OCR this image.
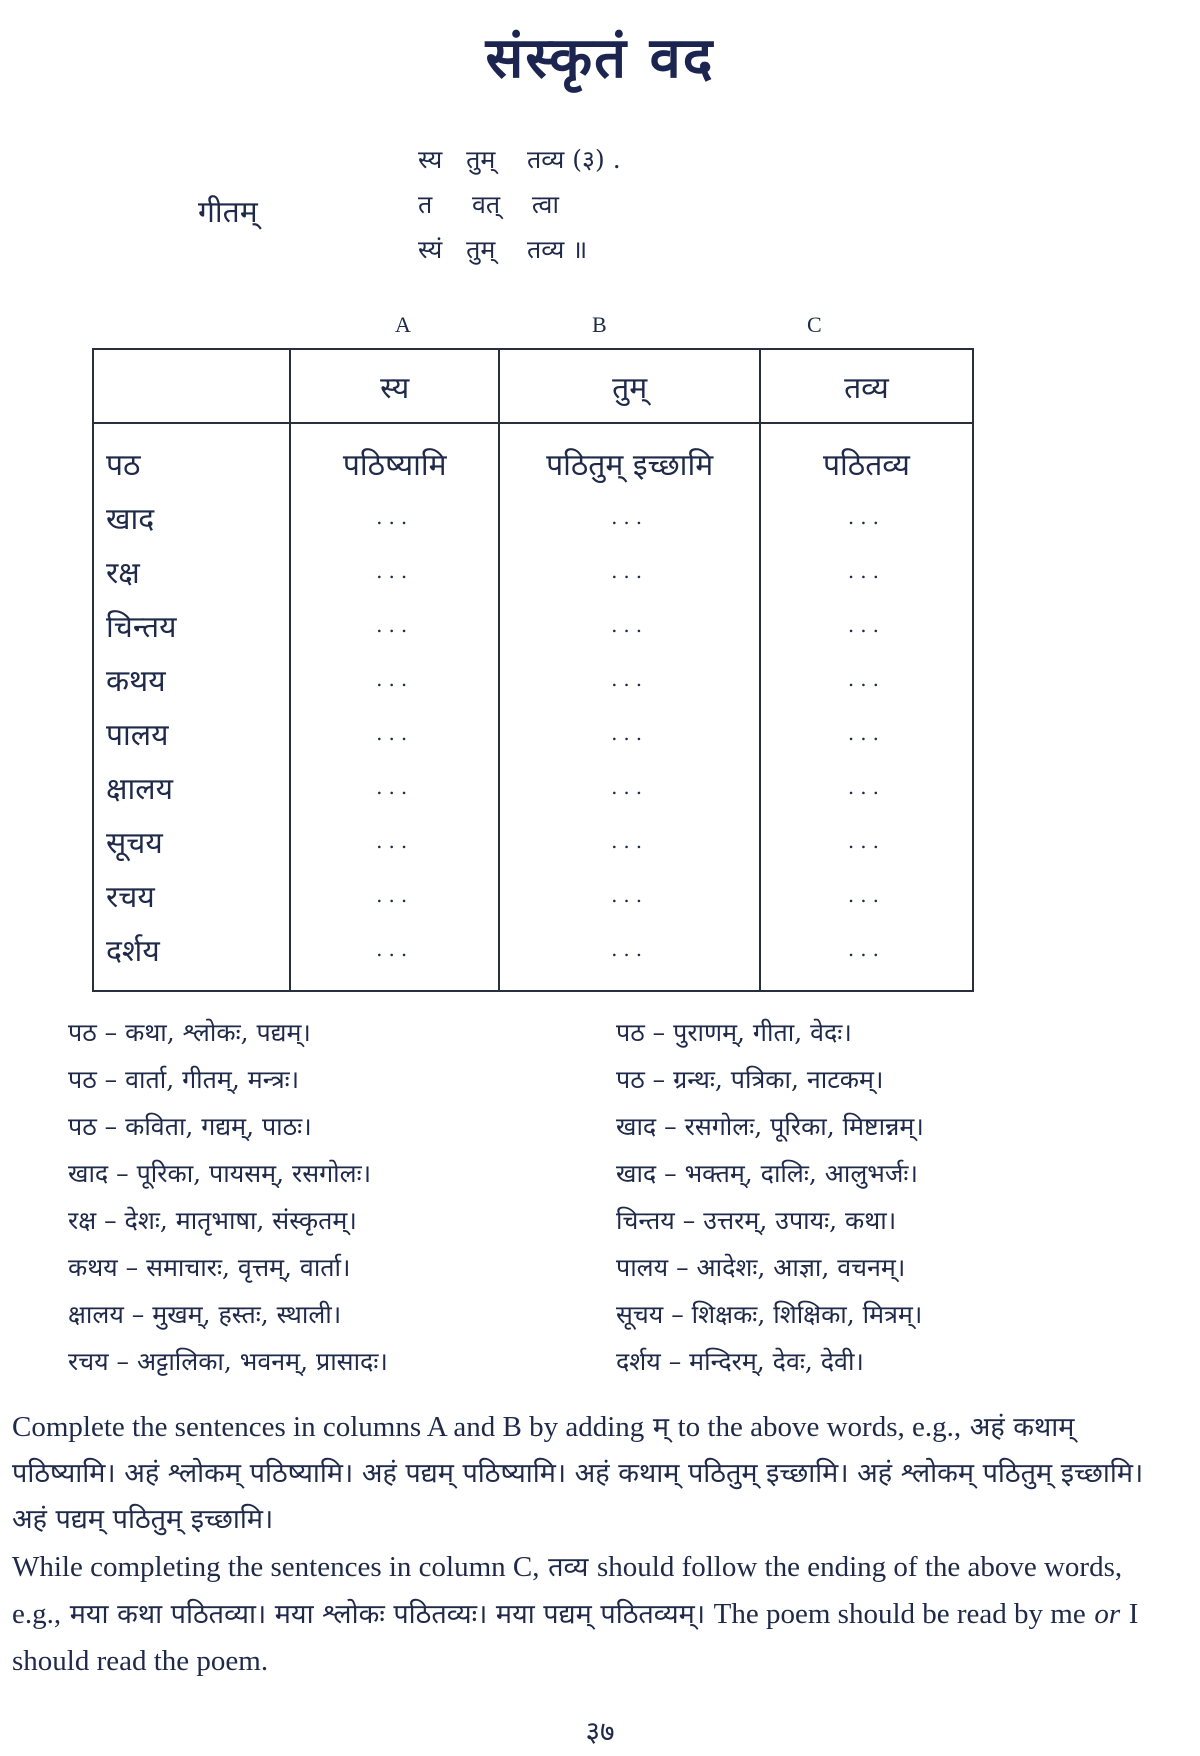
संस्कृतं वद
गीतम्
स्य   तुम्    तव्य (३) .
त     वत्    त्वा
स्यं   तुम्    तव्य ॥
A	B	C
	स्य	तुम्	तव्य
पठ	पठिष्यामि	पठितुम् इच्छामि	पठितव्य
खाद	...	...	...
रक्ष	...	...	...
चिन्तय	...	...	...
कथय	...	...	...
पालय	...	...	...
क्षालय	...	...	...
सूचय	...	...	...
रचय	...	...	...
दर्शय	...	...	...
पठ – कथा, श्लोकः, पद्यम्।
पठ – वार्ता, गीतम्, मन्त्रः।
पठ – कविता, गद्यम्, पाठः।
खाद – पूरिका, पायसम्, रसगोलः।
रक्ष – देशः, मातृभाषा, संस्कृतम्।
कथय – समाचारः, वृत्तम्, वार्ता।
क्षालय – मुखम्, हस्तः, स्थाली।
रचय – अट्टालिका, भवनम्, प्रासादः।
पठ – पुराणम्, गीता, वेदः।
पठ – ग्रन्थः, पत्रिका, नाटकम्।
खाद – रसगोलः, पूरिका, मिष्टान्नम्।
खाद – भक्तम्, दालिः, आलुभर्जः।
चिन्तय – उत्तरम्, उपायः, कथा।
पालय – आदेशः, आज्ञा, वचनम्।
सूचय – शिक्षकः, शिक्षिका, मित्रम्।
दर्शय – मन्दिरम्, देवः, देवी।
Complete the sentences in columns A and B by adding म् to the above words, e.g., अहं कथाम् पठिष्यामि। अहं श्लोकम् पठिष्यामि। अहं पद्यम् पठिष्यामि। अहं कथाम् पठितुम् इच्छामि। अहं श्लोकम् पठितुम् इच्छामि। अहं पद्यम् पठितुम् इच्छामि।
While completing the sentences in column C, तव्य should follow the ending of the above words, e.g., मया कथा पठितव्या। मया श्लोकः पठितव्यः। मया पद्यम् पठितव्यम्। The poem should be read by me or I should read the poem.
३७
